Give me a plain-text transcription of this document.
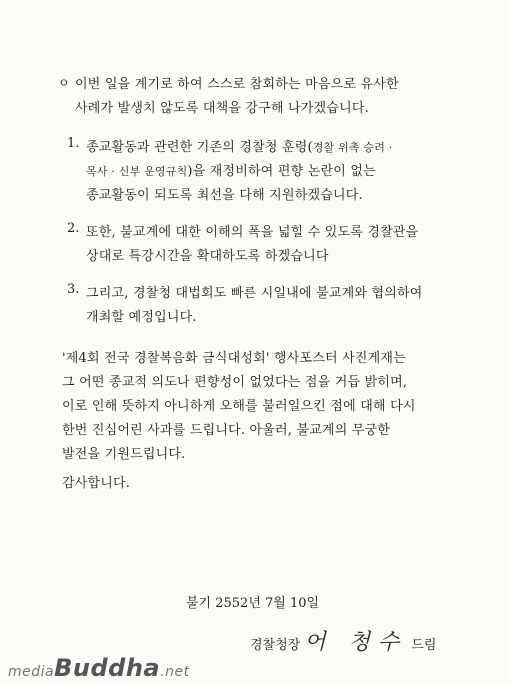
ㅇ 이번 일을 계기로 하여 스스로 참회하는 마음으로 유사한
사례가 발생치 않도록 대책을 강구해 나가겠습니다.
1. 종교활동과 관련한 기존의 경찰청 훈령(경찰 위촉 승려 ·
목사 · 신부 운영규칙)을 재정비하여 편향 논란이 없는
종교활동이 되도록 최선을 다해 지원하겠습니다.
2. 또한, 불교계에 대한 이해의 폭을 넓힐 수 있도록 경찰관을
상대로 특강시간을 확대하도록 하겠습니다
3. 그리고, 경찰청 대법회도 빠른 시일내에 불교계와 협의하여
개최할 예정입니다.
'제4회 전국 경찰복음화 금식대성회' 행사포스터 사진게재는
그 어떤 종교적 의도나 편향성이 없었다는 점을 거듭 밝히며,
이로 인해 뜻하지 아니하게 오해를 불러일으킨 점에 대해 다시
한번 진심어린 사과를 드립니다. 아울러, 불교계의 무궁한
발전을 기원드립니다.
감사합니다.
불기 2552년 7월 10일
경찰청장 어 청수 드림
mediaBuddha.net
